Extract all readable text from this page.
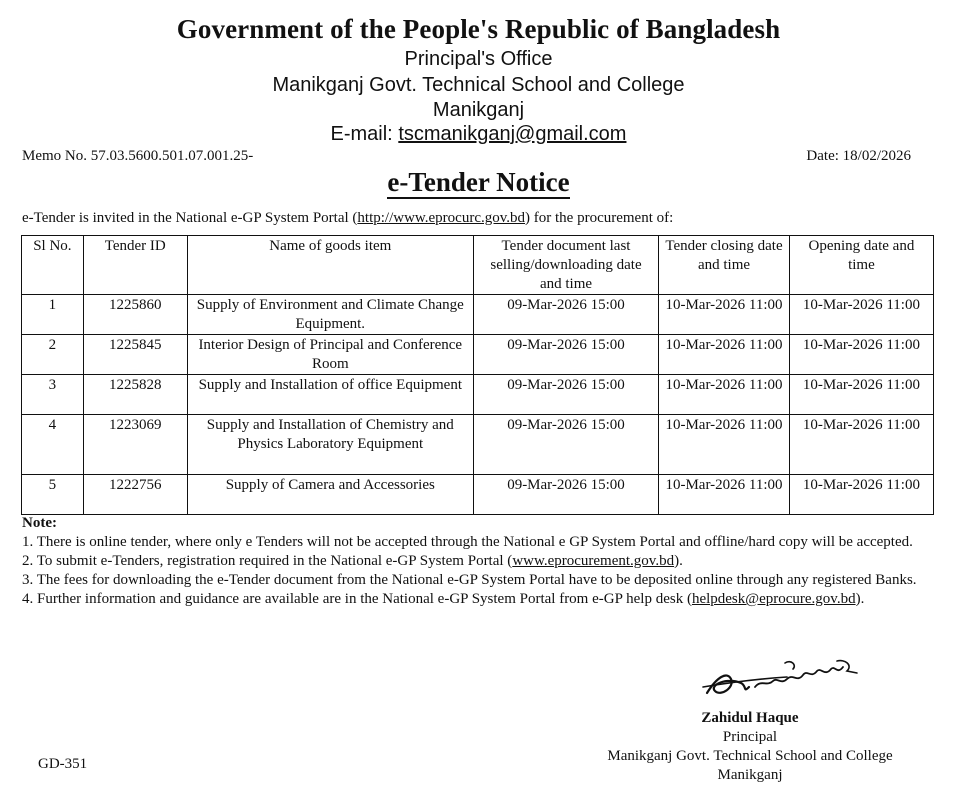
Government of the People's Republic of Bangladesh
Principal's Office
Manikganj Govt. Technical School and College
Manikganj
E-mail: tscmanikganj@gmail.com
Memo No. 57.03.5600.501.07.001.25-	Date: 18/02/2026
e-Tender Notice
e-Tender is invited in the National e-GP System Portal (http://www.eprocurc.gov.bd) for the procurement of:
Sl No.	Tender ID	Name of goods item	Tender document last selling/downloading date and time	Tender closing date and time	Opening date and time
1	1225860	Supply of Environment and Climate Change Equipment.	09-Mar-2026 15:00	10-Mar-2026 11:00	10-Mar-2026 11:00
2	1225845	Interior Design of Principal and Conference Room	09-Mar-2026 15:00	10-Mar-2026 11:00	10-Mar-2026 11:00
3	1225828	Supply and Installation of office Equipment	09-Mar-2026 15:00	10-Mar-2026 11:00	10-Mar-2026 11:00
4	1223069	Supply and Installation of Chemistry and Physics Laboratory Equipment	09-Mar-2026 15:00	10-Mar-2026 11:00	10-Mar-2026 11:00
5	1222756	Supply of Camera and Accessories	09-Mar-2026 15:00	10-Mar-2026 11:00	10-Mar-2026 11:00

Note:

1. There is online tender, where only e Tenders will not be accepted through the National e GP System Portal and offline/hard copy will be accepted.

2. To submit e-Tenders, registration required in the National e-GP System Portal (www.eprocurement.gov.bd).

3. The fees for downloading the e-Tender document from the National e-GP System Portal have to be deposited online through any registered Banks.

4. Further information and guidance are available are in the National e-GP System Portal from e-GP help desk (helpdesk@eprocure.gov.bd).

Zahidul Haque
Principal
Manikganj Govt. Technical School and College
Manikganj
GD-351
